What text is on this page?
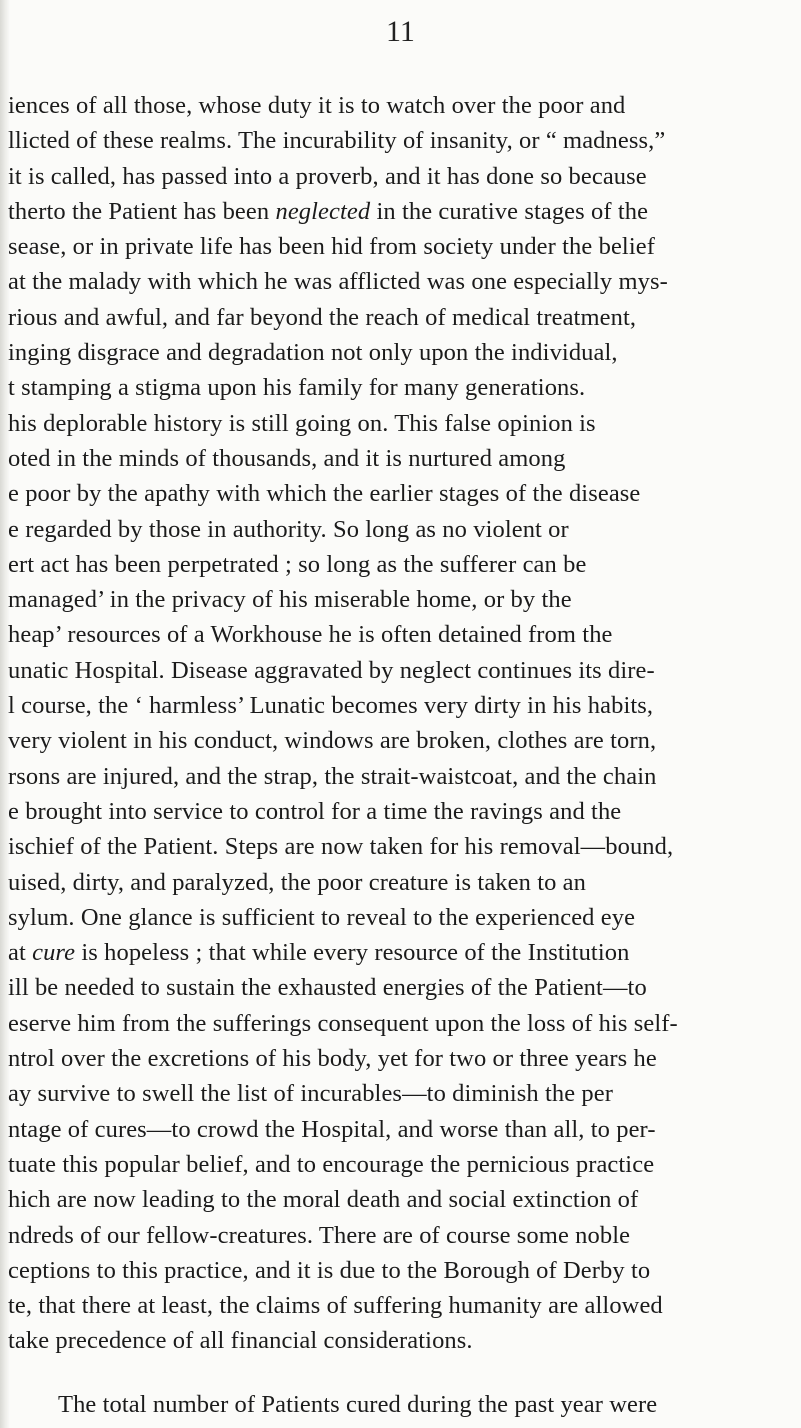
11
iences of all those, whose duty it is to watch over the poor and
llicted of these realms. The incurability of insanity, or “ madness,”
it is called, has passed into a proverb, and it has done so because
therto the Patient has been neglected in the curative stages of the
sease, or in private life has been hid from society under the belief
at the malady with which he was afflicted was one especially mys-
rious and awful, and far beyond the reach of medical treatment,
inging disgrace and degradation not only upon the individual,
t stamping a stigma upon his family for many generations.
his deplorable history is still going on. This false opinion is
oted in the minds of thousands, and it is nurtured among
e poor by the apathy with which the earlier stages of the disease
e regarded by those in authority. So long as no violent or
ert act has been perpetrated ; so long as the sufferer can be
managed’ in the privacy of his miserable home, or by the
heap’ resources of a Workhouse he is often detained from the
unatic Hospital. Disease aggravated by neglect continues its dire-
l course, the ‘ harmless’ Lunatic becomes very dirty in his habits,
very violent in his conduct, windows are broken, clothes are torn,
rsons are injured, and the strap, the strait-waistcoat, and the chain
e brought into service to control for a time the ravings and the
ischief of the Patient. Steps are now taken for his removal—bound,
uised, dirty, and paralyzed, the poor creature is taken to an
sylum. One glance is sufficient to reveal to the experienced eye
at cure is hopeless ; that while every resource of the Institution
ill be needed to sustain the exhausted energies of the Patient—to
eserve him from the sufferings consequent upon the loss of his self-
ntrol over the excretions of his body, yet for two or three years he
ay survive to swell the list of incurables—to diminish the per
ntage of cures—to crowd the Hospital, and worse than all, to per-
tuate this popular belief, and to encourage the pernicious practice
hich are now leading to the moral death and social extinction of
ndreds of our fellow-creatures. There are of course some noble
ceptions to this practice, and it is due to the Borough of Derby to
te, that there at least, the claims of suffering humanity are allowed
take precedence of all financial considerations.
The total number of Patients cured during the past year were
